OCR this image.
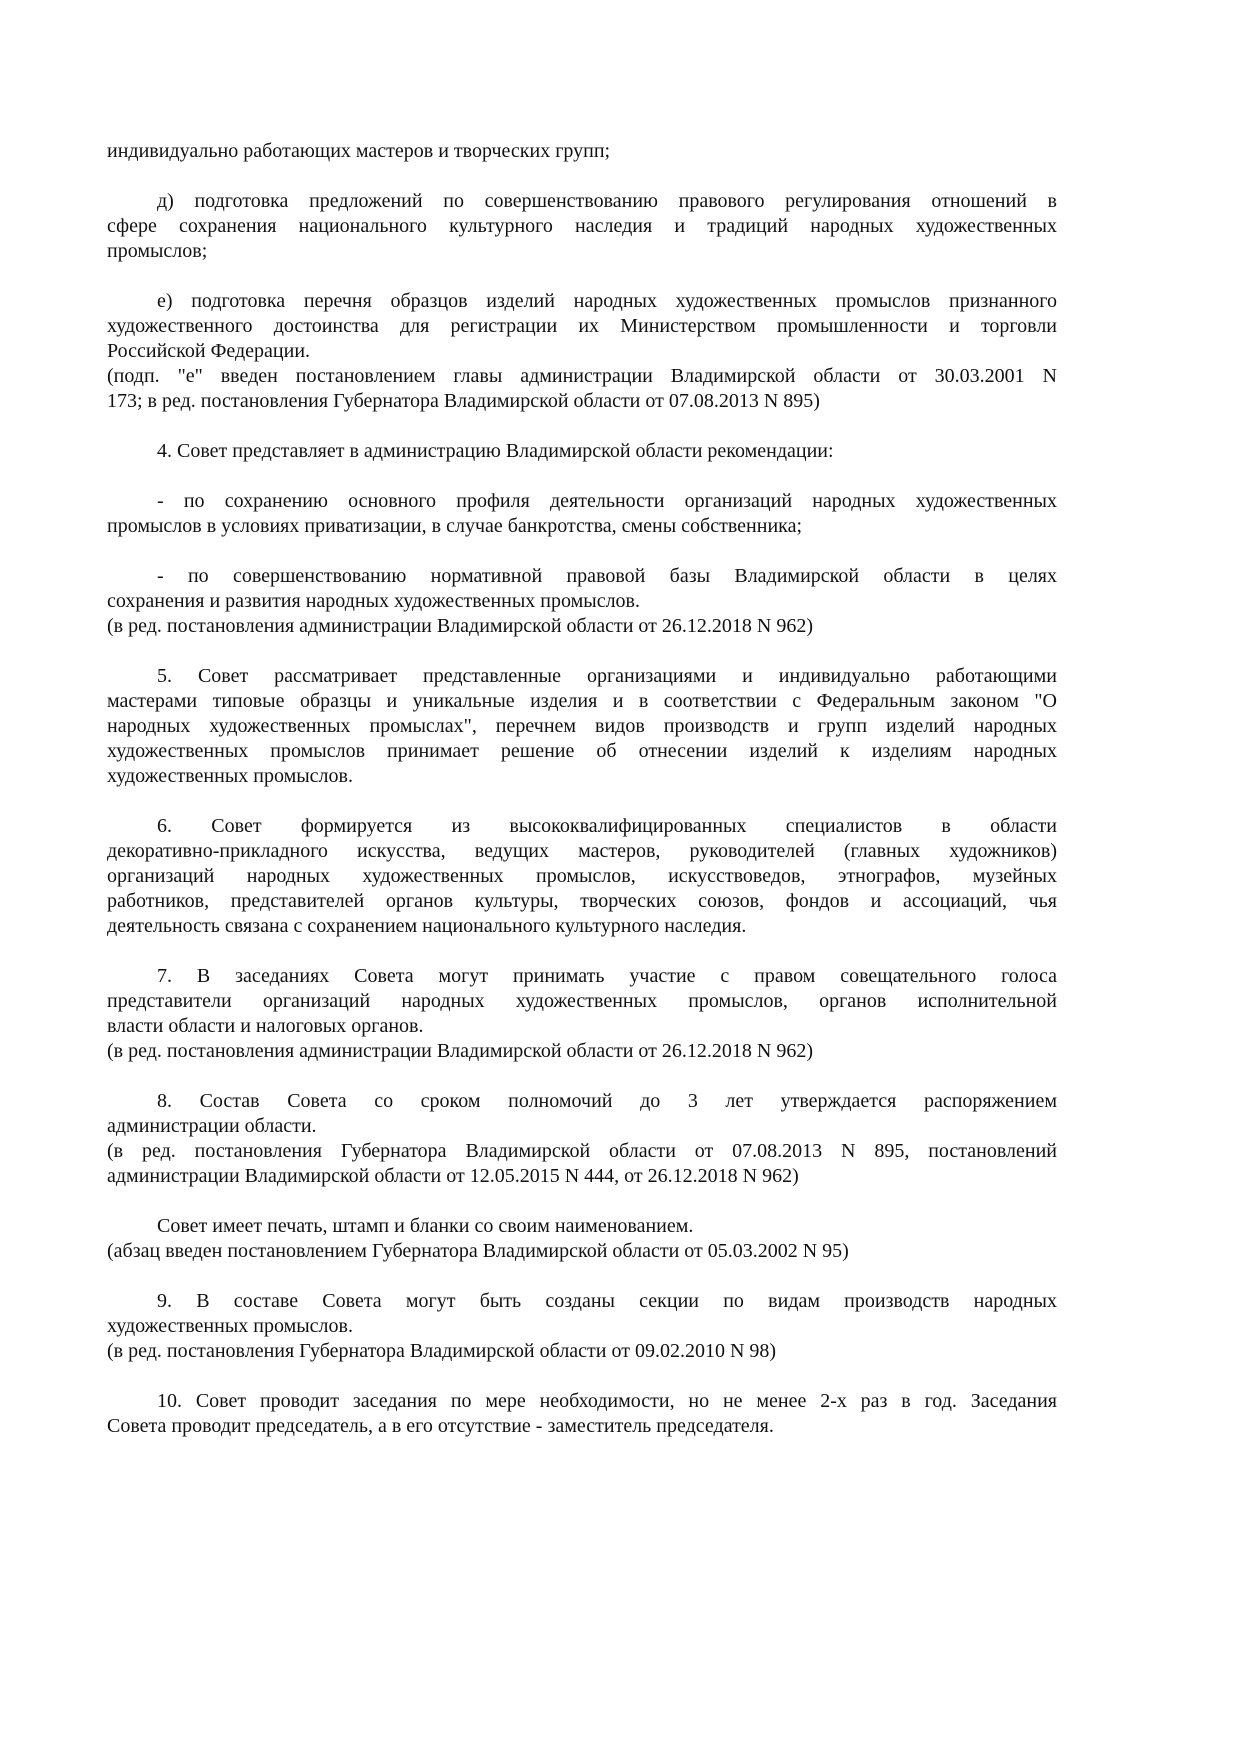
индивидуально работающих мастеров и творческих групп;
д) подготовка предложений по совершенствованию правового регулирования отношений в
сфере сохранения национального культурного наследия и традиций народных художественных
промыслов;
е) подготовка перечня образцов изделий народных художественных промыслов признанного
художественного достоинства для регистрации их Министерством промышленности и торговли
Российской Федерации.
(подп. "е" введен постановлением главы администрации Владимирской области от 30.03.2001 N
173; в ред. постановления Губернатора Владимирской области от 07.08.2013 N 895)
4. Совет представляет в администрацию Владимирской области рекомендации:
- по сохранению основного профиля деятельности организаций народных художественных
промыслов в условиях приватизации, в случае банкротства, смены собственника;
- по совершенствованию нормативной правовой базы Владимирской области в целях
сохранения и развития народных художественных промыслов.
(в ред. постановления администрации Владимирской области от 26.12.2018 N 962)
5. Совет рассматривает представленные организациями и индивидуально работающими
мастерами типовые образцы и уникальные изделия и в соответствии с Федеральным законом "О
народных художественных промыслах", перечнем видов производств и групп изделий народных
художественных промыслов принимает решение об отнесении изделий к изделиям народных
художественных промыслов.
6. Совет формируется из высококвалифицированных специалистов в области
декоративно-прикладного искусства, ведущих мастеров, руководителей (главных художников)
организаций народных художественных промыслов, искусствоведов, этнографов, музейных
работников, представителей органов культуры, творческих союзов, фондов и ассоциаций, чья
деятельность связана с сохранением национального культурного наследия.
7. В заседаниях Совета могут принимать участие с правом совещательного голоса
представители организаций народных художественных промыслов, органов исполнительной
власти области и налоговых органов.
(в ред. постановления администрации Владимирской области от 26.12.2018 N 962)
8. Состав Совета со сроком полномочий до 3 лет утверждается распоряжением
администрации области.
(в ред. постановления Губернатора Владимирской области от 07.08.2013 N 895, постановлений
администрации Владимирской области от 12.05.2015 N 444, от 26.12.2018 N 962)
Совет имеет печать, штамп и бланки со своим наименованием.
(абзац введен постановлением Губернатора Владимирской области от 05.03.2002 N 95)
9. В составе Совета могут быть созданы секции по видам производств народных
художественных промыслов.
(в ред. постановления Губернатора Владимирской области от 09.02.2010 N 98)
10. Совет проводит заседания по мере необходимости, но не менее 2-х раз в год. Заседания
Совета проводит председатель, а в его отсутствие - заместитель председателя.
